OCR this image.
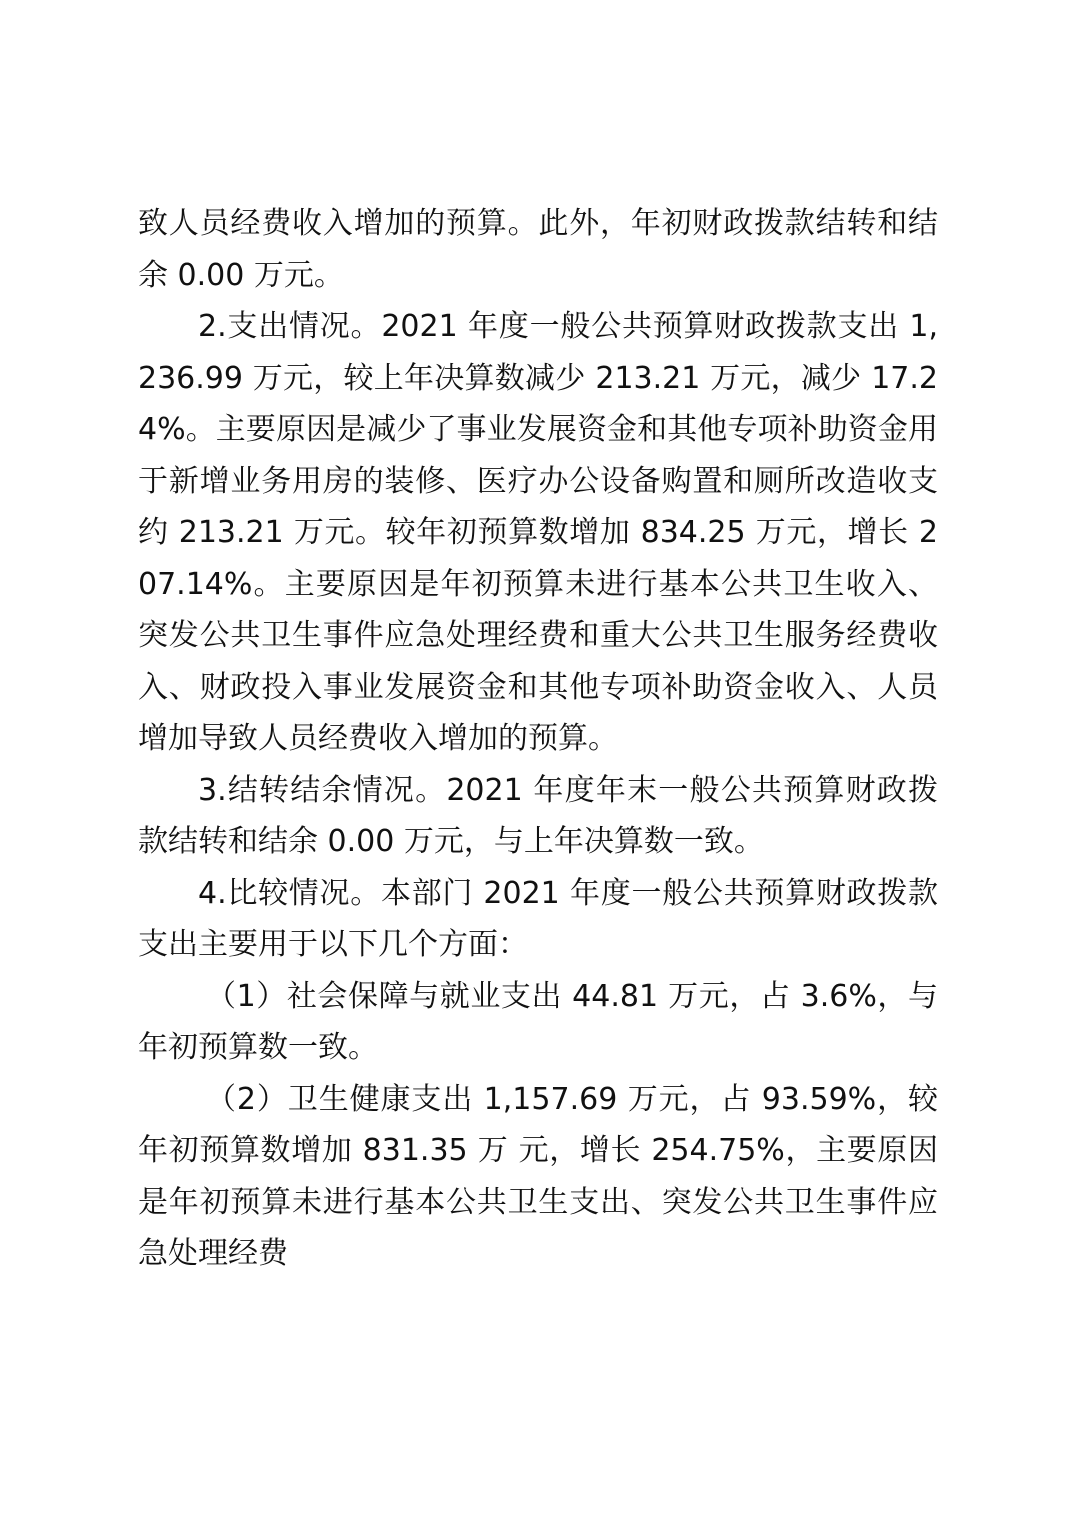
致人员经费收入增加的预算。此外，年初财政拨款结转和结余 0.00 万元。

2.支出情况。2021 年度一般公共预算财政拨款支出 1,236.99 万元，较上年决算数减少 213.21 万元，减少 17.24%。主要原因是减少了事业发展资金和其他专项补助资金用于新增业务用房的装修、医疗办公设备购置和厕所改造收支约 213.21 万元。较年初预算数增加 834.25 万元，增长 207.14%。主要原因是年初预算未进行基本公共卫生收入、突发公共卫生事件应急处理经费和重大公共卫生服务经费收入、财政投入事业发展资金和其他专项补助资金收入、人员增加导致人员经费收入增加的预算。

3.结转结余情况。2021 年度年末一般公共预算财政拨款结转和结余 0.00 万元，与上年决算数一致。

4.比较情况。本部门 2021 年度一般公共预算财政拨款支出主要用于以下几个方面：

（1）社会保障与就业支出 44.81 万元，占 3.6%，与年初预算数一致。

（2）卫生健康支出 1,157.69 万元，占 93.59%，较年初预算数增加 831.35 万 元，增长 254.75%，主要原因是年初预算未进行基本公共卫生支出、突发公共卫生事件应急处理经费
